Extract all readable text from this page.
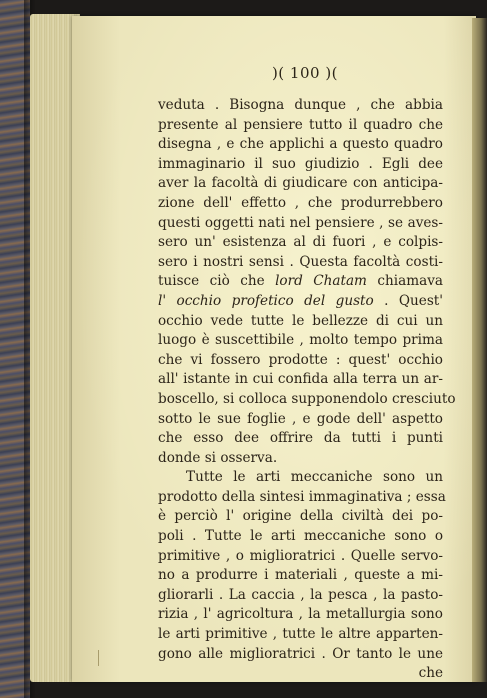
)( 100 )(
veduta . Bisogna dunque , che abbia
presente al pensiere tutto il quadro che
disegna , e che applichi a questo quadro
immaginario il suo giudizio . Egli dee
aver la facoltà di giudicare con anticipa-
zione dell' effetto , che produrrebbero
questi oggetti nati nel pensiere , se aves-
sero un' esistenza al di fuori , e colpis-
sero i nostri sensi . Questa facoltà costi-
tuisce ciò che lord Chatam chiamava
l' occhio profetico del gusto . Quest'
occhio vede tutte le bellezze di cui un
luogo è suscettibile , molto tempo prima
che vi fossero prodotte : quest' occhio
all' istante in cui confida alla terra un ar-
boscello, si colloca supponendolo cresciuto
sotto le sue foglie , e gode dell' aspetto
che esso dee offrire da tutti i punti
donde si osserva.
Tutte le arti meccaniche sono un
prodotto della sintesi immaginativa ; essa
è perciò l' origine della civiltà dei po-
poli . Tutte le arti meccaniche sono o
primitive , o miglioratrici . Quelle servo-
no a produrre i materiali , queste a mi-
gliorarli . La caccia , la pesca , la pasto-
rizia , l' agricoltura , la metallurgia sono
le arti primitive , tutte le altre apparten-
gono alle miglioratrici . Or tanto le une
che
